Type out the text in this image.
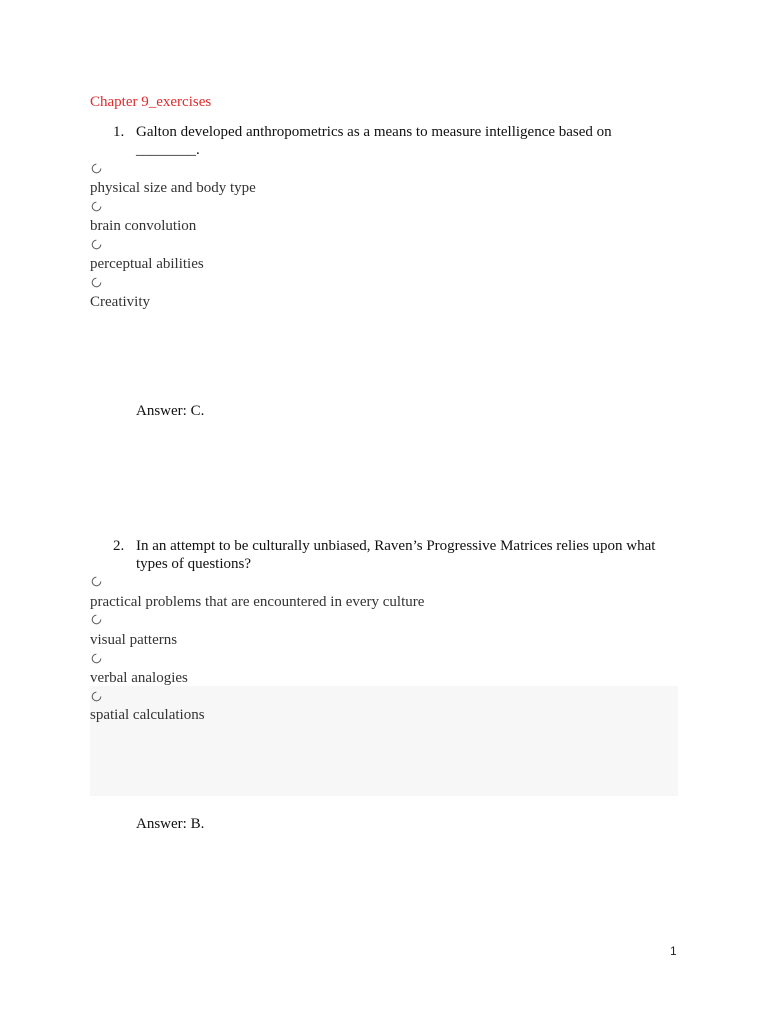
Chapter 9_exercises
1. Galton developed anthropometrics as a means to measure intelligence based on ________.
physical size and body type
brain convolution
perceptual abilities
Creativity
Answer: C.
2. In an attempt to be culturally unbiased, Raven’s Progressive Matrices relies upon what types of questions?
practical problems that are encountered in every culture
visual patterns
verbal analogies
spatial calculations
Answer: B.
1
